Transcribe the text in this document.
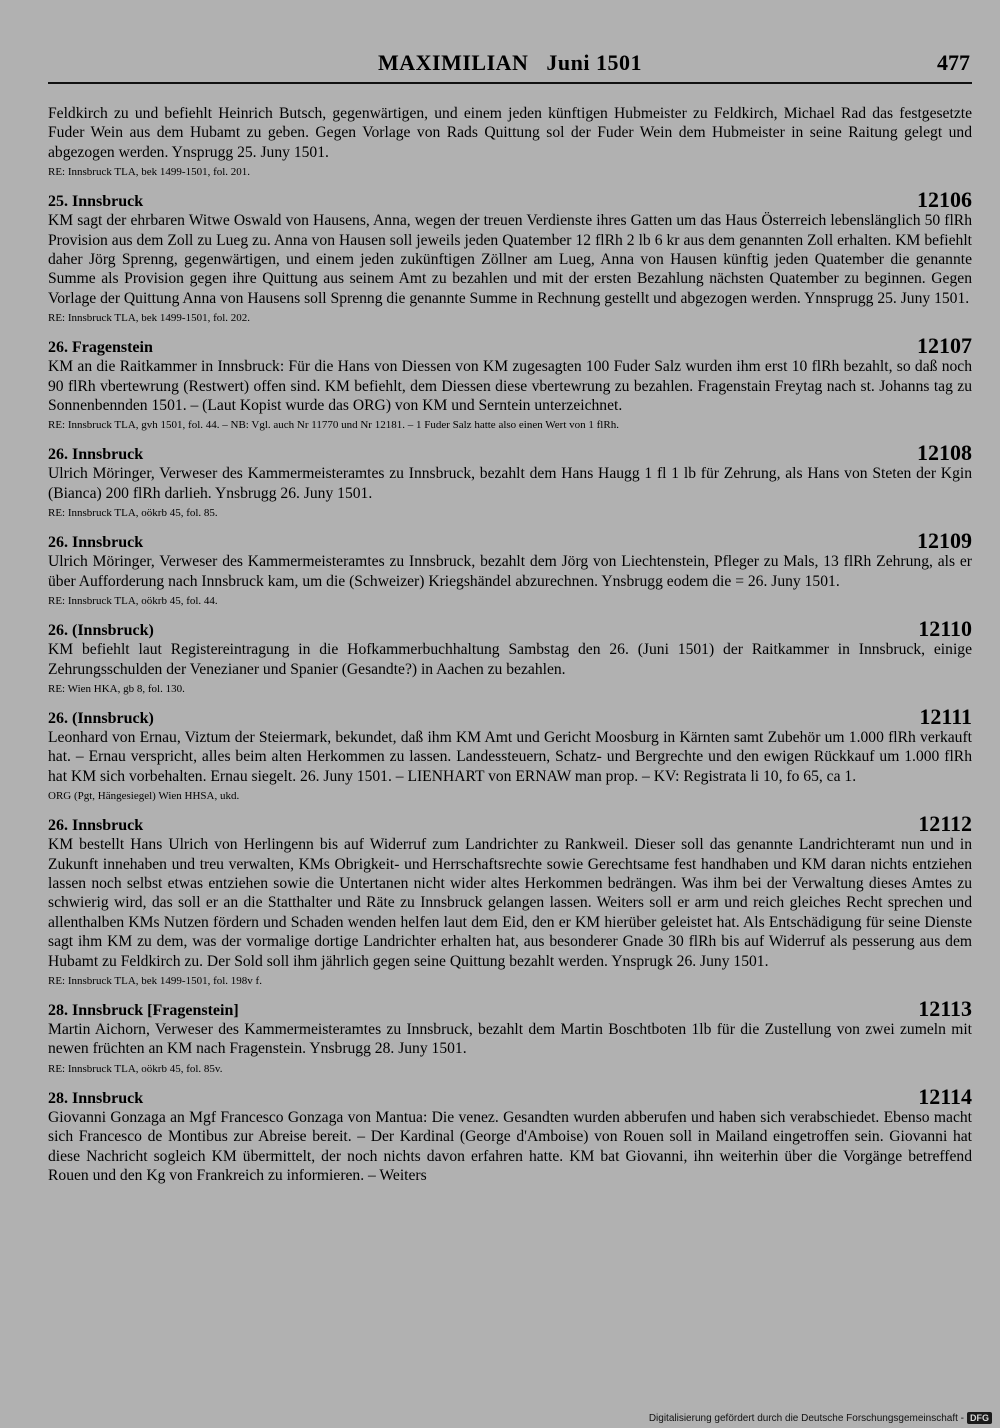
MAXIMILIAN   Juni 1501	477
Feldkirch zu und befiehlt Heinrich Butsch, gegenwärtigen, und einem jeden künftigen Hubmeister zu Feldkirch, Michael Rad das festgesetzte Fuder Wein aus dem Hubamt zu geben. Gegen Vorlage von Rads Quittung sol der Fuder Wein dem Hubmeister in seine Raitung gelegt und abgezogen werden. Ynsprugg 25. Juny 1501.
RE: Innsbruck TLA, bek 1499-1501, fol. 201.
25. Innsbruck	12106
KM sagt der ehrbaren Witwe Oswald von Hausens, Anna, wegen der treuen Verdienste ihres Gatten um das Haus Österreich lebenslänglich 50 flRh Provision aus dem Zoll zu Lueg zu. Anna von Hausen soll jeweils jeden Quatember 12 flRh 2 lb 6 kr aus dem genannten Zoll erhalten. KM befiehlt daher Jörg Sprenng, gegenwärtigen, und einem jeden zukünftigen Zöllner am Lueg, Anna von Hausen künftig jeden Quatember die genannte Summe als Provision gegen ihre Quittung aus seinem Amt zu bezahlen und mit der ersten Bezahlung nächsten Quatember zu beginnen. Gegen Vorlage der Quittung Anna von Hausens soll Sprenng die genannte Summe in Rechnung gestellt und abgezogen werden. Ynnsprugg 25. Juny 1501.
RE: Innsbruck TLA, bek 1499-1501, fol. 202.
26. Fragenstein	12107
KM an die Raitkammer in Innsbruck: Für die Hans von Diessen von KM zugesagten 100 Fuder Salz wurden ihm erst 10 flRh bezahlt, so daß noch 90 flRh vbertewrung (Restwert) offen sind. KM befiehlt, dem Diessen diese vbertewrung zu bezahlen. Fragenstain Freytag nach st. Johanns tag zu Sonnenbennden 1501. – (Laut Kopist wurde das ORG) von KM und Serntein unterzeichnet.
RE: Innsbruck TLA, gvh 1501, fol. 44. – NB: Vgl. auch Nr 11770 und Nr 12181. – 1 Fuder Salz hatte also einen Wert von 1 flRh.
26. Innsbruck	12108
Ulrich Möringer, Verweser des Kammermeisteramtes zu Innsbruck, bezahlt dem Hans Haugg 1 fl 1 lb für Zehrung, als Hans von Steten der Kgin (Bianca) 200 flRh darlieh. Ynsbrugg 26. Juny 1501.
RE: Innsbruck TLA, oökrb 45, fol. 85.
26. Innsbruck	12109
Ulrich Möringer, Verweser des Kammermeisteramtes zu Innsbruck, bezahlt dem Jörg von Liechtenstein, Pfleger zu Mals, 13 flRh Zehrung, als er über Aufforderung nach Innsbruck kam, um die (Schweizer) Kriegshändel abzurechnen. Ynsbrugg eodem die = 26. Juny 1501.
RE: Innsbruck TLA, oökrb 45, fol. 44.
26. (Innsbruck)	12110
KM befiehlt laut Registereintragung in die Hofkammerbuchhaltung Sambstag den 26. (Juni 1501) der Raitkammer in Innsbruck, einige Zehrungsschulden der Venezianer und Spanier (Gesandte?) in Aachen zu bezahlen.
RE: Wien HKA, gb 8, fol. 130.
26. (Innsbruck)	12111
Leonhard von Ernau, Viztum der Steiermark, bekundet, daß ihm KM Amt und Gericht Moosburg in Kärnten samt Zubehör um 1.000 flRh verkauft hat. – Ernau verspricht, alles beim alten Herkommen zu lassen. Landessteuern, Schatz- und Bergrechte und den ewigen Rückkauf um 1.000 flRh hat KM sich vorbehalten. Ernau siegelt. 26. Juny 1501. – LIENHART von ERNAW man prop. – KV: Registrata li 10, fo 65, ca 1.
ORG (Pgt, Hängesiegel) Wien HHSA, ukd.
26. Innsbruck	12112
KM bestellt Hans Ulrich von Herlingenn bis auf Widerruf zum Landrichter zu Rankweil. Dieser soll das genannte Landrichteramt nun und in Zukunft innehaben und treu verwalten, KMs Obrigkeit- und Herrschaftsrechte sowie Gerechtsame fest handhaben und KM daran nichts entziehen lassen noch selbst etwas entziehen sowie die Untertanen nicht wider altes Herkommen bedrängen. Was ihm bei der Verwaltung dieses Amtes zu schwierig wird, das soll er an die Statthalter und Räte zu Innsbruck gelangen lassen. Weiters soll er arm und reich gleiches Recht sprechen und allenthalben KMs Nutzen fördern und Schaden wenden helfen laut dem Eid, den er KM hierüber geleistet hat. Als Entschädigung für seine Dienste sagt ihm KM zu dem, was der vormalige dortige Landrichter erhalten hat, aus besonderer Gnade 30 flRh bis auf Widerruf als pesserung aus dem Hubamt zu Feldkirch zu. Der Sold soll ihm jährlich gegen seine Quittung bezahlt werden. Ynsprugk 26. Juny 1501.
RE: Innsbruck TLA, bek 1499-1501, fol. 198v f.
28. Innsbruck [Fragenstein]	12113
Martin Aichorn, Verweser des Kammermeisteramtes zu Innsbruck, bezahlt dem Martin Boschtboten 1lb für die Zustellung von zwei zumeln mit newen früchten an KM nach Fragenstein. Ynsbrugg 28. Juny 1501.
RE: Innsbruck TLA, oökrb 45, fol. 85v.
28. Innsbruck	12114
Giovanni Gonzaga an Mgf Francesco Gonzaga von Mantua: Die venez. Gesandten wurden abberufen und haben sich verabschiedet. Ebenso macht sich Francesco de Montibus zur Abreise bereit. – Der Kardinal (George d'Amboise) von Rouen soll in Mailand eingetroffen sein. Giovanni hat diese Nachricht sogleich KM übermittelt, der noch nichts davon erfahren hatte. KM bat Giovanni, ihn weiterhin über die Vorgänge betreffend Rouen und den Kg von Frankreich zu informieren. – Weiters
Digitalisierung gefördert durch die Deutsche Forschungsgemeinschaft - DFG
